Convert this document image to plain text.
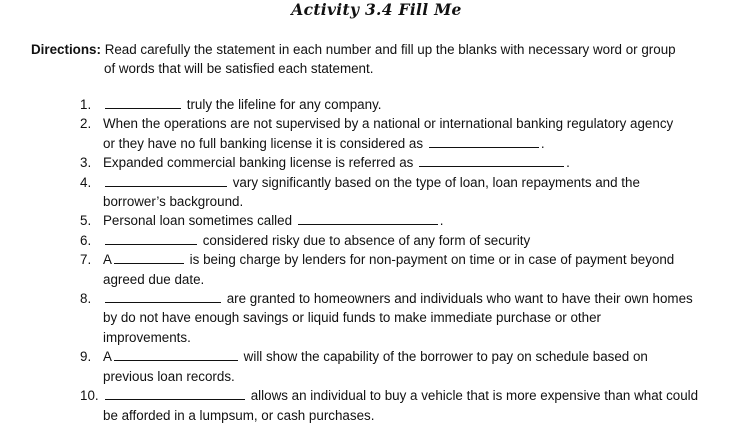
Activity 3.4 Fill Me
Directions: Read carefully the statement in each number and fill up the blanks with necessary word or group
of words that will be satisfied each statement.
1.	truly the lifeline for any company.
2. When the operations are not supervised by a national or international banking regulatory agency
or they have no full banking license it is considered as	.
3. Expanded commercial banking license is referred as	.
4.	vary significantly based on the type of loan, loan repayments and the
borrower’s background.
5. Personal loan sometimes called	.
6.	considered risky due to absence of any form of security
7. A	is being charge by lenders for non-payment on time or in case of payment beyond
agreed due date.
8.	are granted to homeowners and individuals who want to have their own homes
by do not have enough savings or liquid funds to make immediate purchase or other
improvements.
9. A	will show the capability of the borrower to pay on schedule based on
previous loan records.
10.	allows an individual to buy a vehicle that is more expensive than what could
be afforded in a lumpsum, or cash purchases.
